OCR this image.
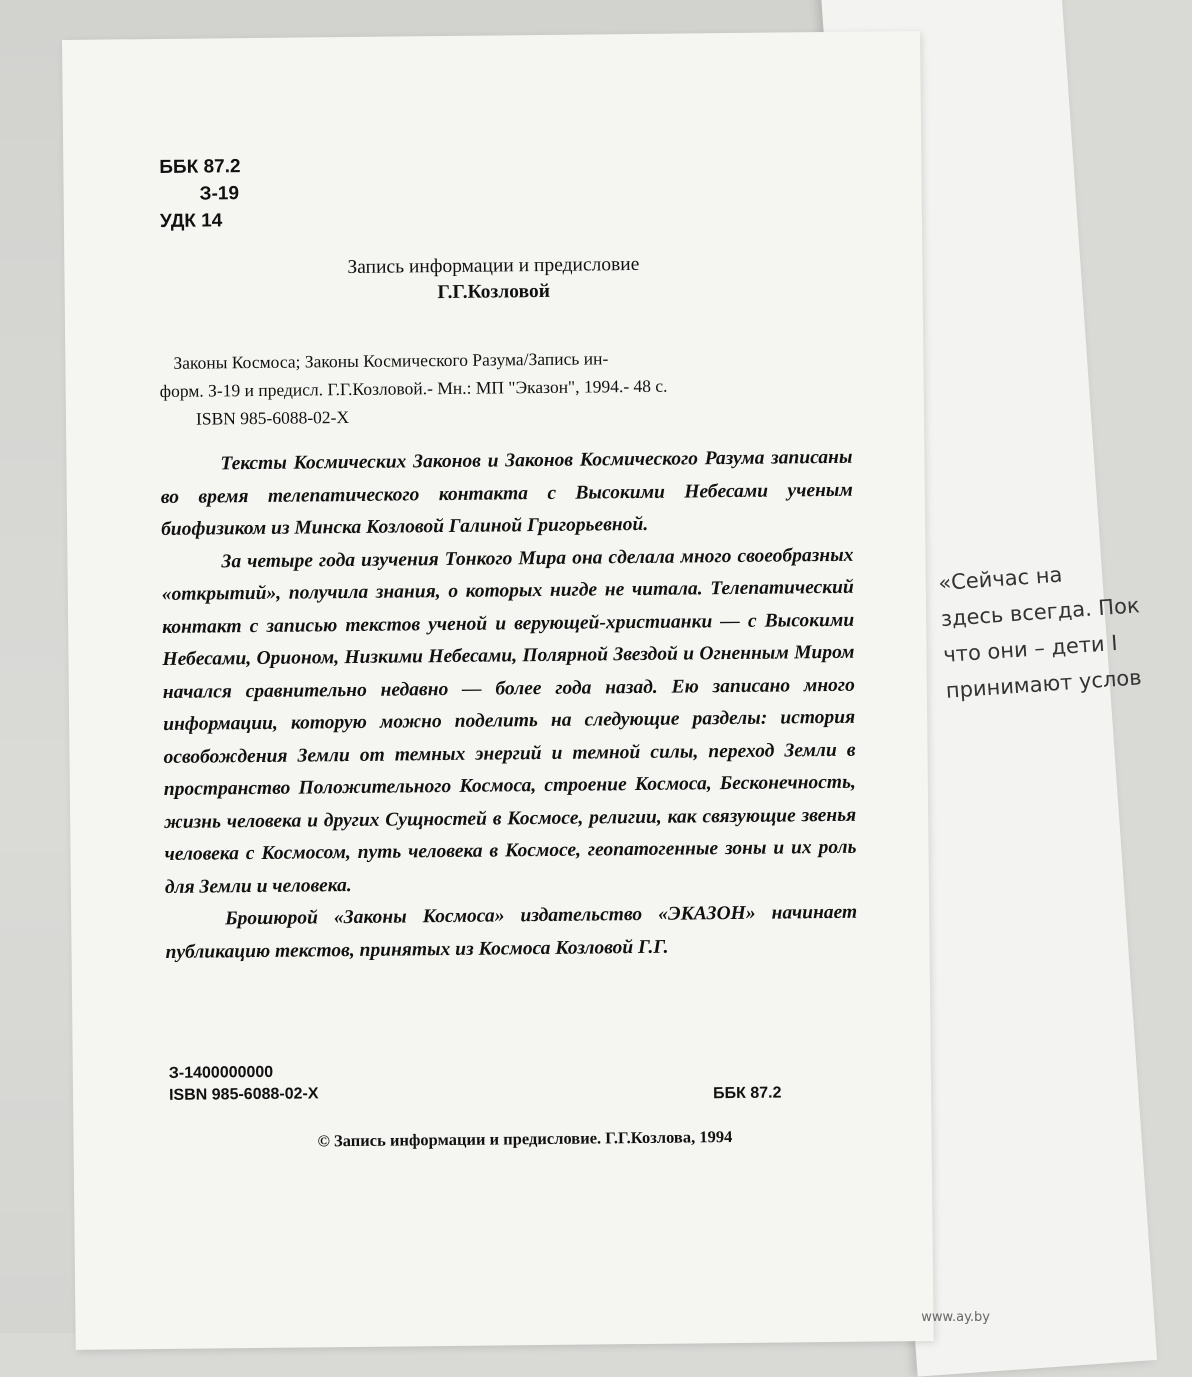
«Сейчас на
здесь всегда. Пок
что они – дети I
принимают услов
ББК 87.2
З-19
УДК 14
Запись информации и предисловие
Г.Г.Козловой
Законы Космоса; Законы Космического Разума/Запись ин-
форм. З-19 и предисл. Г.Г.Козловой.- Мн.: МП "Эказон", 1994.- 48 с.
ISBN 985-6088-02-X

Тексты Космических Законов и Законов Космического Разума записаны во время телепатического контакта с Высокими Небесами ученым биофизиком из Минска Козловой Галиной Григорьевной.

За четыре года изучения Тонкого Мира она сделала много своеобразных «открытий», получила знания, о которых нигде не читала. Телепатический контакт с записью текстов ученой и верующей-христианки — с Высокими Небесами, Орионом, Низкими Небесами, Полярной Звездой и Огненным Миром начался сравнительно недавно — более года назад. Ею записано много информации, которую можно поделить на следующие разделы: история освобождения Земли от темных энергий и темной силы, переход Земли в пространство Положительного Космоса, строение Космоса, Бесконечность, жизнь человека и других Сущностей в Космосе, религии, как связующие звенья человека с Космосом, путь человека в Космосе, геопатогенные зоны и их роль для Земли и человека.

Брошюрой «Законы Космоса» издательство «ЭКАЗОН» начинает публикацию текстов, принятых из Космоса Козловой Г.Г.

З-1400000000
ISBN 985-6088-02-X	ББК 87.2
© Запись информации и предисловие. Г.Г.Козлова, 1994
www.ay.by
